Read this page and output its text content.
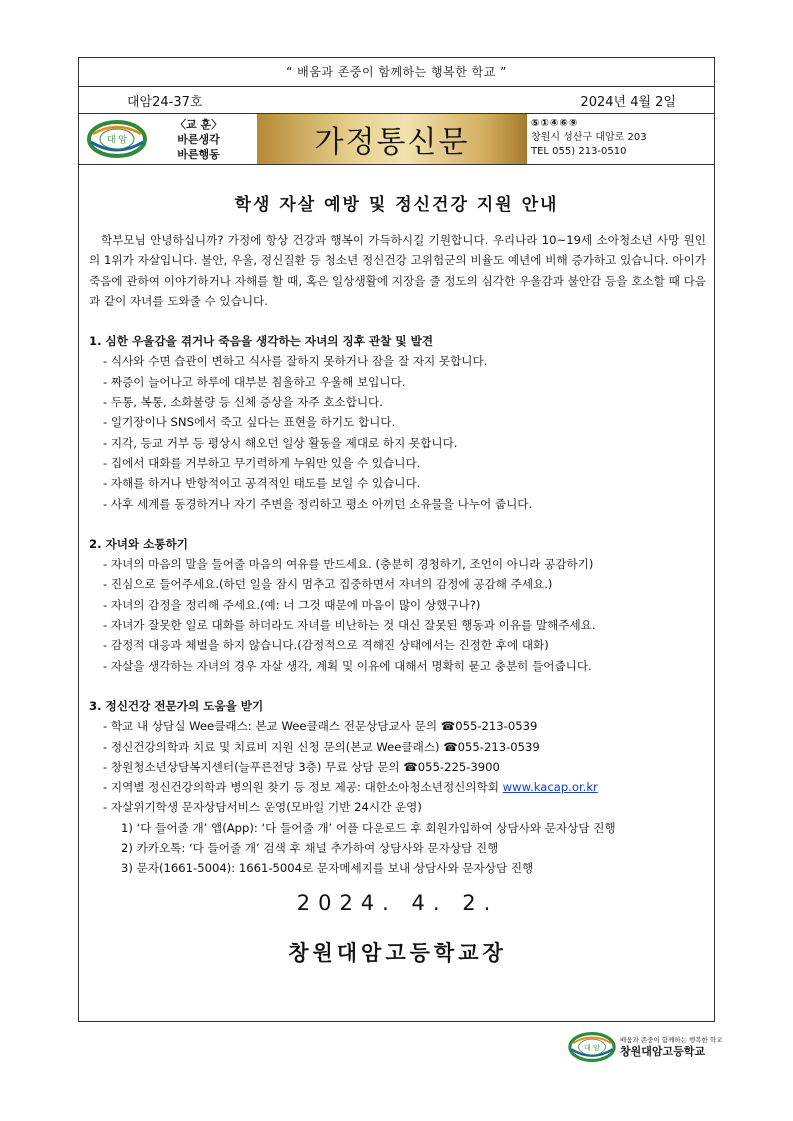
“ 배움과 존중이 함께하는 행복한 학교 ”
대암24-37호	2024년 4월 2일
대 암
〈교 훈〉
바른생각
바른행동	가정통신문
⑤①④⑥⑨
창원시 성산구 대암로 203
TEL 055) 213-0510
학생 자살 예방 및 정신건강 지원 안내

학부모님 안녕하십니까? 가정에 항상 건강과 행복이 가득하시길 기원합니다. 우리나라 10~19세 소아청소년 사망 원인의 1위가 자살입니다. 불안, 우울, 정신질환 등 청소년 정신건강 고위험군의 비율도 예년에 비해 증가하고 있습니다. 아이가 죽음에 관하여 이야기하거나 자해를 할 때, 혹은 일상생활에 지장을 줄 정도의 심각한 우울감과 불안감 등을 호소할 때 다음과 같이 자녀를 도와줄 수 있습니다.

1. 심한 우울감을 겪거나 죽음을 생각하는 자녀의 징후 관찰 및 발견

- 식사와 수면 습관이 변하고 식사를 잘하지 못하거나 잠을 잘 자지 못합니다.

- 짜증이 늘어나고 하루에 대부분 침울하고 우울해 보입니다.

- 두통, 복통, 소화불량 등 신체 증상을 자주 호소합니다.

- 일기장이나 SNS에서 죽고 싶다는 표현을 하기도 합니다.

- 지각, 등교 거부 등 평상시 해오던 일상 활동을 제대로 하지 못합니다.

- 집에서 대화를 거부하고 무기력하게 누워만 있을 수 있습니다.

- 자해를 하거나 반항적이고 공격적인 태도를 보일 수 있습니다.

- 사후 세계를 동경하거나 자기 주변을 정리하고 평소 아끼던 소유물을 나누어 줍니다.

2. 자녀와 소통하기

- 자녀의 마음의 말을 들어줄 마음의 여유를 만드세요. (충분히 경청하기, 조언이 아니라 공감하기)

- 진심으로 들어주세요.(하던 일을 잠시 멈추고 집중하면서 자녀의 감정에 공감해 주세요.)

- 자녀의 감정을 정리해 주세요.(예: 너 그것 때문에 마음이 많이 상했구나?)

- 자녀가 잘못한 일로 대화를 하더라도 자녀를 비난하는 것 대신 잘못된 행동과 이유를 말해주세요.

- 감정적 대응과 체벌을 하지 않습니다.(감정적으로 격해진 상태에서는 진정한 후에 대화)

- 자살을 생각하는 자녀의 경우 자살 생각, 계획 및 이유에 대해서 명확히 묻고 충분히 들어줍니다.

3. 정신건강 전문가의 도움을 받기

- 학교 내 상담실 Wee클래스: 본교 Wee클래스 전문상담교사 문의 ☎055-213-0539

- 정신건강의학과 치료 및 치료비 지원 신청 문의(본교 Wee클래스) ☎055-213-0539

- 창원청소년상담복지센터(늘푸른전당 3층) 무료 상담 문의 ☎055-225-3900

- 지역별 정신건강의학과 병의원 찾기 등 정보 제공: 대한소아청소년정신의학회 www.kacap.or.kr

- 자살위기학생 문자상담서비스 운영(모바일 기반 24시간 운영)

1) ‘다 들어줄 개’ 앱(App): ‘다 들어줄 개’ 어플 다운로드 후 회원가입하여 상담사와 문자상담 진행

2) 카카오톡: ‘다 들어줄 개’ 검색 후 채널 추가하여 상담사와 문자상담 진행

3) 문자(1661-5004): 1661-5004로 문자메세지를 보내 상담사와 문자상담 진행

2024. 4. 2.
창원대암고등학교장
대 암
배움과 존중이 함께하는 행복한 학교
창원대암고등학교
